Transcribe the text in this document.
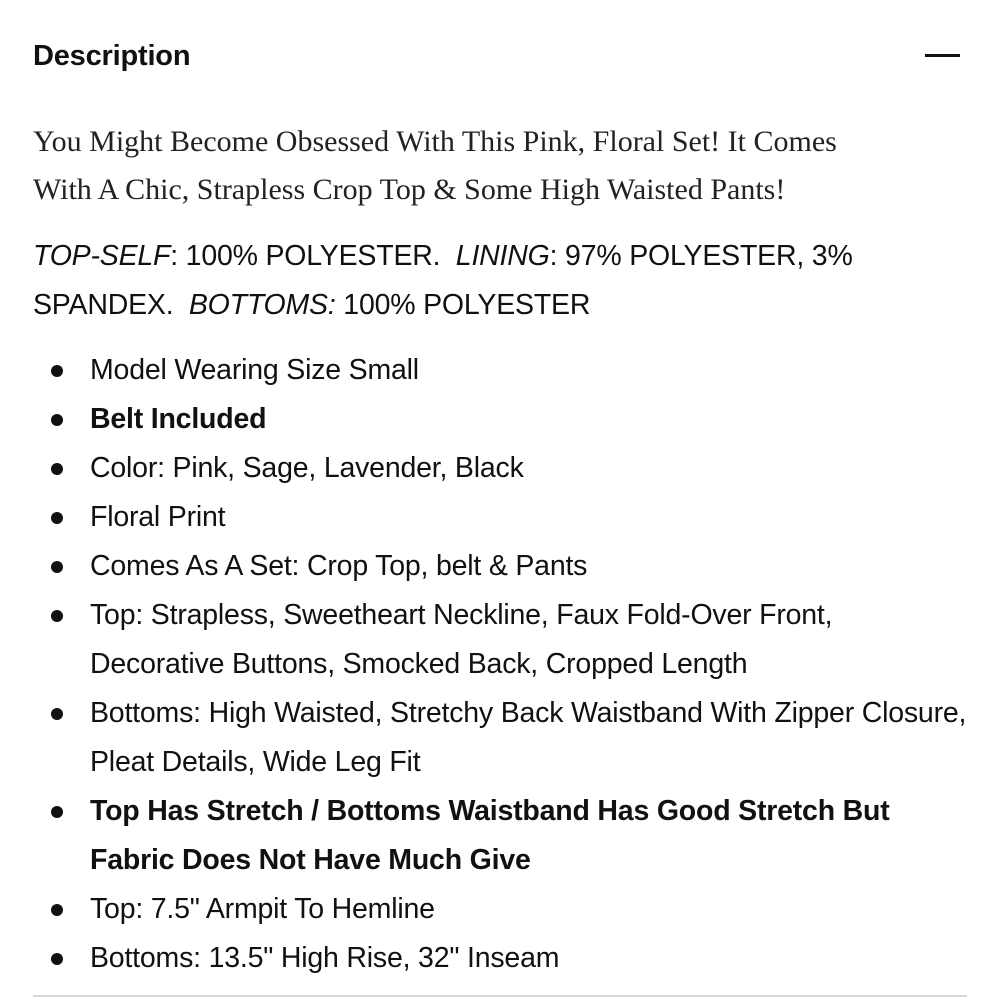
Description

You Might Become Obsessed With This Pink, Floral Set! It Comes
With A Chic, Strapless Crop Top & Some High Waisted Pants!

TOP-SELF: 100% POLYESTER. LINING: 97% POLYESTER, 3%
SPANDEX. BOTTOMS: 100% POLYESTER

Model Wearing Size Small
Belt Included
Color: Pink, Sage, Lavender, Black
Floral Print
Comes As A Set: Crop Top, belt & Pants
Top: Strapless, Sweetheart Neckline, Faux Fold-Over Front, Decorative Buttons, Smocked Back, Cropped Length
Bottoms: High Waisted, Stretchy Back Waistband With Zipper Closure, Pleat Details, Wide Leg Fit
Top Has Stretch / Bottoms Waistband Has Good Stretch But Fabric Does Not Have Much Give
Top: 7.5" Armpit To Hemline
Bottoms: 13.5" High Rise, 32" Inseam
